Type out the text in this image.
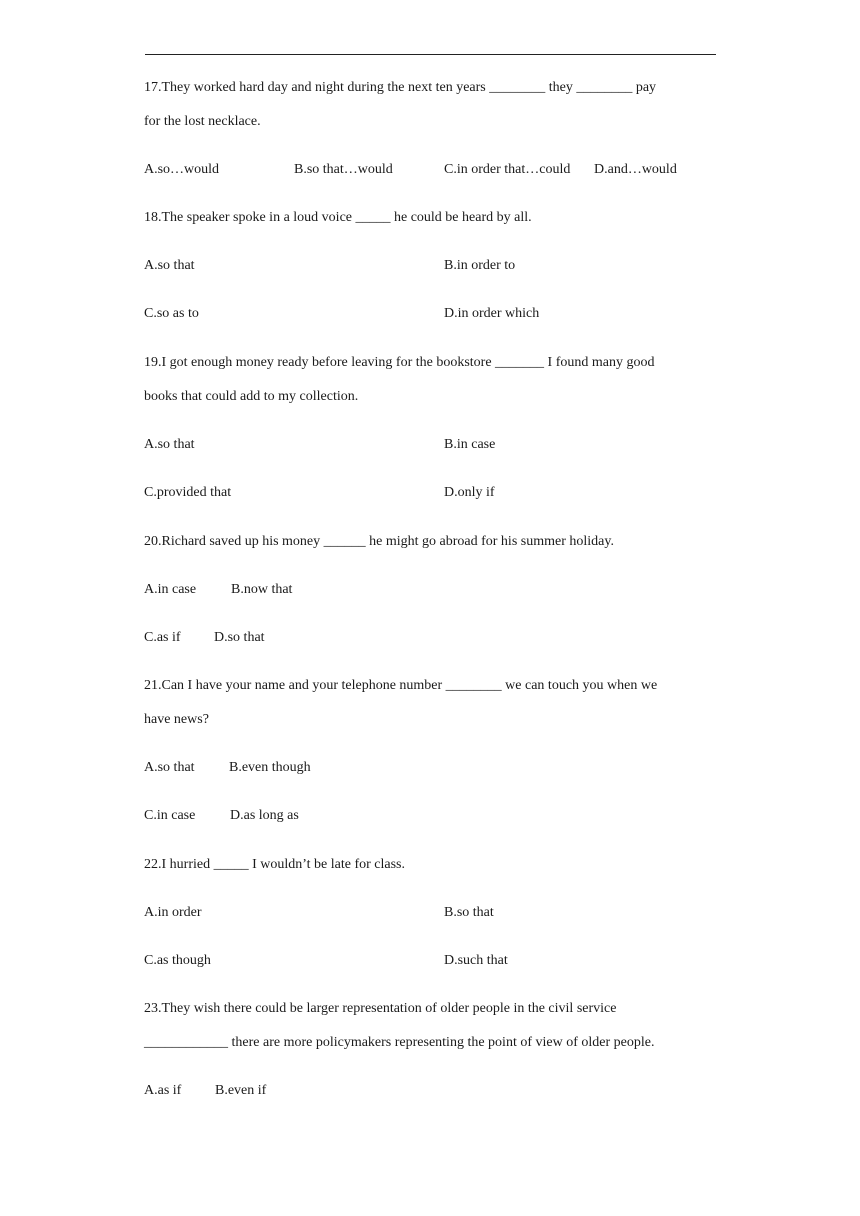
17.They worked hard day and night during the next ten years ________ they ________ pay
for the lost necklace.
A.so…would	B.so that…would	C.in order that…could D.and…would
18.The speaker spoke in a loud voice _____ he could be heard by all.
A.so that	B.in order to
C.so as to	D.in order which
19.I got enough money ready before leaving for the bookstore _______ I found many good
books that could add to my collection.
A.so that	B.in case
C.provided that	D.only if
20.Richard saved up his money ______ he might go abroad for his summer holiday.
A.in case B.now that
C.as if D.so that
21.Can I have your name and your telephone number ________ we can touch you when we
have news?
A.so that B.even though
C.in case D.as long as
22.I hurried _____ I wouldn’t be late for class.
A.in order	B.so that
C.as though	D.such that
23.They wish there could be larger representation of older people in the civil service
____________ there are more policymakers representing the point of view of older people.
A.as if B.even if
